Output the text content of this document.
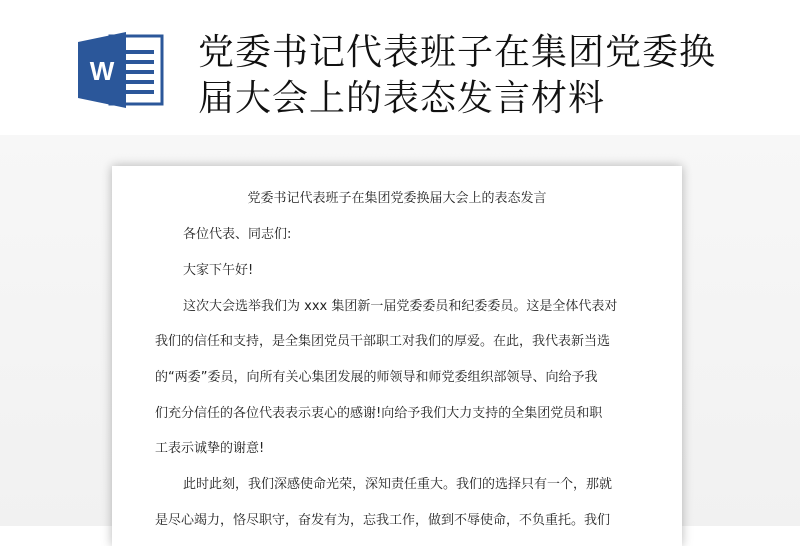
W 党委书记代表班子在集团党委换
届大会上的表态发言材料
党委书记代表班子在集团党委换届大会上的表态发言
各位代表、同志们:
大家下午好!
这次大会选举我们为 xxx 集团新一届党委委员和纪委委员。这是全体代表对
我们的信任和支持，是全集团党员干部职工对我们的厚爱。在此，我代表新当选
的“两委”委员，向所有关心集团发展的师领导和师党委组织部领导、向给予我
们充分信任的各位代表表示衷心的感谢!向给予我们大力支持的全集团党员和职
工表示诚挚的谢意!
此时此刻，我们深感使命光荣，深知责任重大。我们的选择只有一个，那就
是尽心竭力，恪尽职守，奋发有为，忘我工作，做到不辱使命，不负重托。我们
